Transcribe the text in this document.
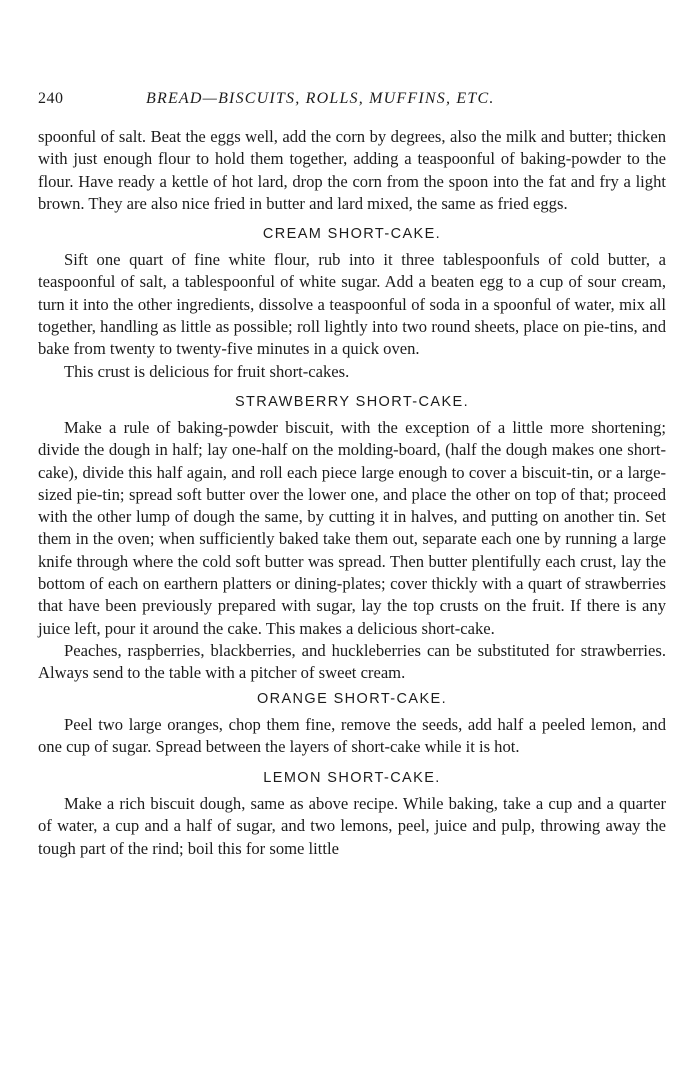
240	BREAD—BISCUITS, ROLLS, MUFFINS, ETC.

spoonful of salt. Beat the eggs well, add the corn by degrees, also the milk and butter; thicken with just enough flour to hold them together, adding a teaspoonful of baking-powder to the flour. Have ready a kettle of hot lard, drop the corn from the spoon into the fat and fry a light brown. They are also nice fried in butter and lard mixed, the same as fried eggs.

CREAM SHORT-CAKE.

Sift one quart of fine white flour, rub into it three tablespoonfuls of cold butter, a teaspoonful of salt, a tablespoonful of white sugar. Add a beaten egg to a cup of sour cream, turn it into the other ingredients, dissolve a teaspoonful of soda in a spoonful of water, mix all together, handling as little as possible; roll lightly into two round sheets, place on pie-tins, and bake from twenty to twenty-five minutes in a quick oven.

This crust is delicious for fruit short-cakes.

STRAWBERRY SHORT-CAKE.

Make a rule of baking-powder biscuit, with the exception of a little more shortening; divide the dough in half; lay one-half on the molding-board, (half the dough makes one short-cake), divide this half again, and roll each piece large enough to cover a biscuit-tin, or a large-sized pie-tin; spread soft butter over the lower one, and place the other on top of that; proceed with the other lump of dough the same, by cutting it in halves, and putting on another tin. Set them in the oven; when sufficiently baked take them out, separate each one by running a large knife through where the cold soft butter was spread. Then butter plentifully each crust, lay the bottom of each on earthern platters or dining-plates; cover thickly with a quart of strawberries that have been previously prepared with sugar, lay the top crusts on the fruit. If there is any juice left, pour it around the cake. This makes a delicious short-cake.

Peaches, raspberries, blackberries, and huckleberries can be substituted for strawberries. Always send to the table with a pitcher of sweet cream.

ORANGE SHORT-CAKE.

Peel two large oranges, chop them fine, remove the seeds, add half a peeled lemon, and one cup of sugar. Spread between the layers of short-cake while it is hot.

LEMON SHORT-CAKE.

Make a rich biscuit dough, same as above recipe. While baking, take a cup and a quarter of water, a cup and a half of sugar, and two lemons, peel, juice and pulp, throwing away the tough part of the rind; boil this for some little
